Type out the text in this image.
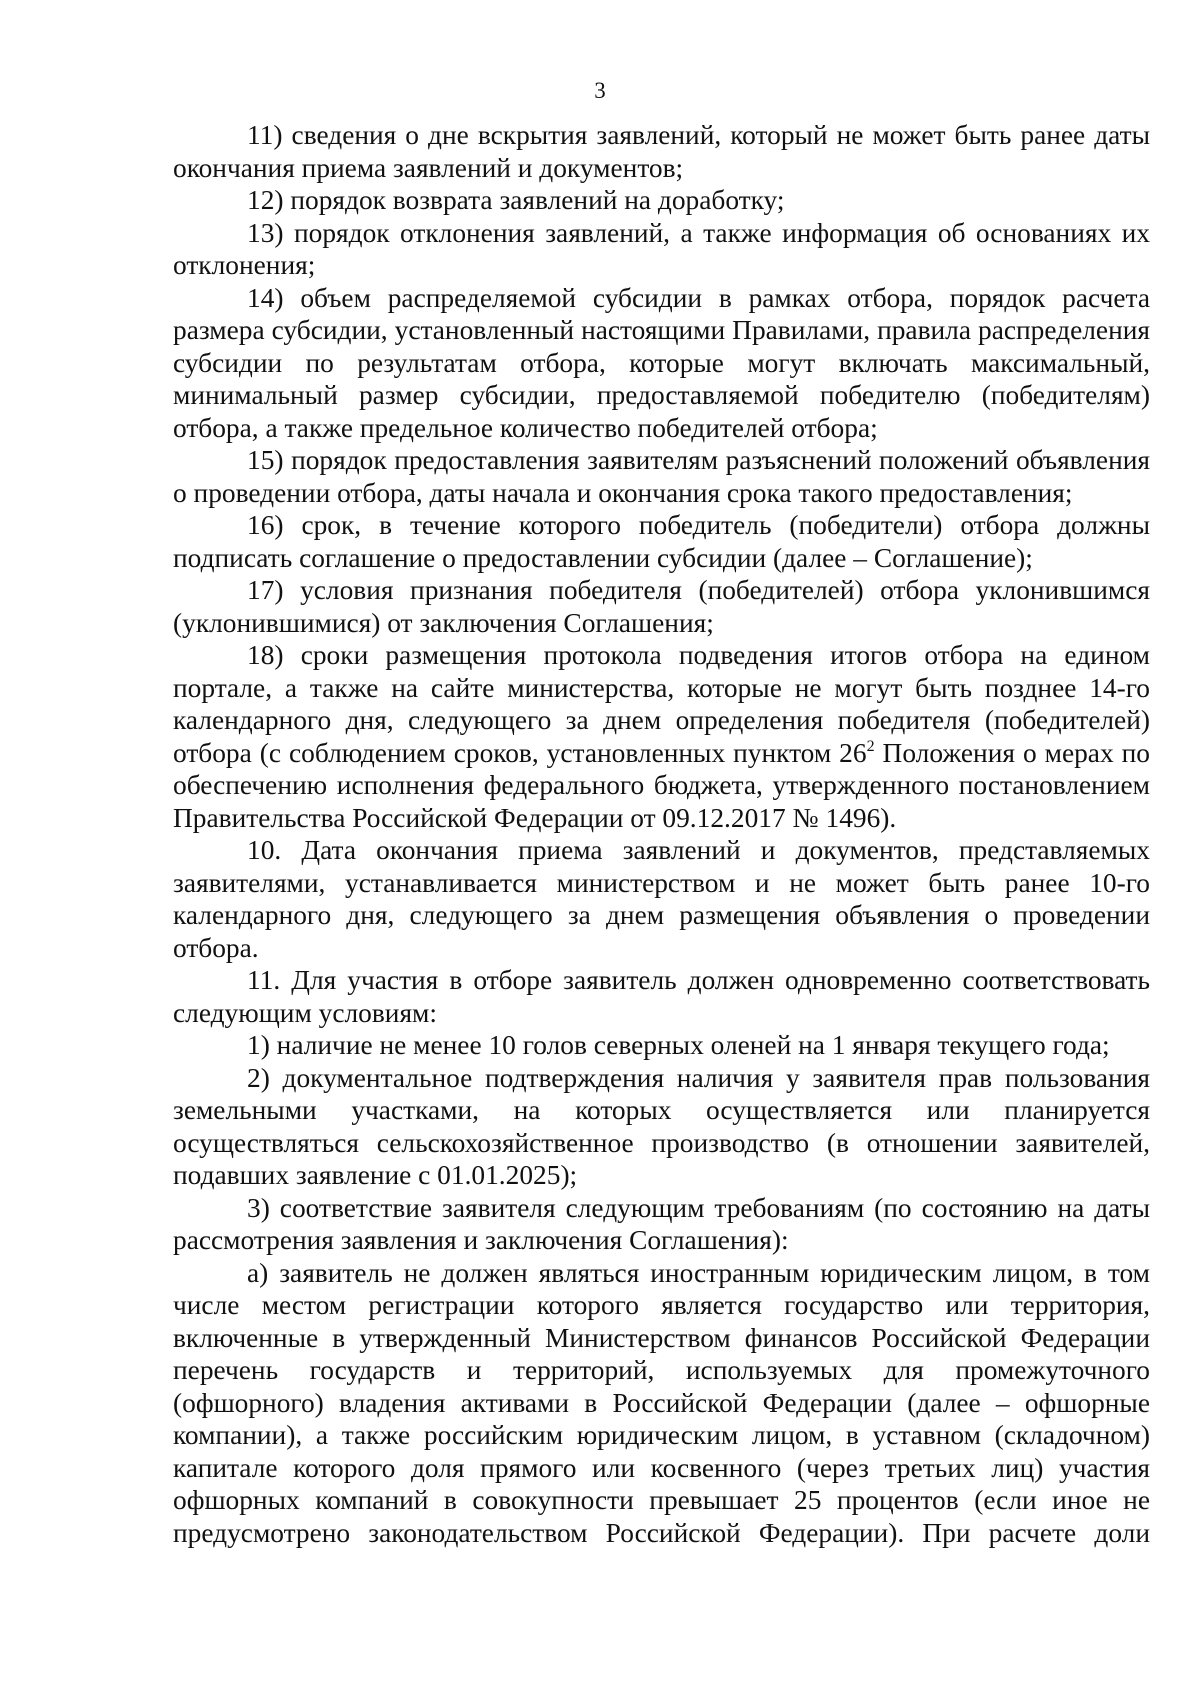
3

11) сведения о дне вскрытия заявлений, который не может быть ранее даты окончания приема заявлений и документов;

12) порядок возврата заявлений на доработку;

13) порядок отклонения заявлений, а также информация об основаниях их отклонения;

14) объем распределяемой субсидии в рамках отбора, порядок расчета размера субсидии, установленный настоящими Правилами, правила распределения субсидии по результатам отбора, которые могут включать максимальный, минимальный размер субсидии, предоставляемой победителю (победителям) отбора, а также предельное количество победителей отбора;

15) порядок предоставления заявителям разъяснений положений объявления о проведении отбора, даты начала и окончания срока такого предоставления;

16) срок, в течение которого победитель (победители) отбора должны подписать соглашение о предоставлении субсидии (далее – Соглашение);

17) условия признания победителя (победителей) отбора уклонившимся (уклонившимися) от заключения Соглашения;

18) сроки размещения протокола подведения итогов отбора на едином портале, а также на сайте министерства, которые не могут быть позднее 14-го календарного дня, следующего за днем определения победителя (победителей) отбора (с соблюдением сроков, установленных пунктом $26^2$ Положения о мерах по обеспечению исполнения федерального бюджета, утвержденного постановлением Правительства Российской Федерации от 09.12.2017 № 1496).

10. Дата окончания приема заявлений и документов, представляемых заявителями, устанавливается министерством и не может быть ранее 10-го календарного дня, следующего за днем размещения объявления о проведении отбора.

11. Для участия в отборе заявитель должен одновременно соответствовать следующим условиям:

1) наличие не менее 10 голов северных оленей на 1 января текущего года;

2) документальное подтверждения наличия у заявителя прав пользования земельными участками, на которых осуществляется или планируется осуществляться сельскохозяйственное производство (в отношении заявителей, подавших заявление с 01.01.2025);

3) соответствие заявителя следующим требованиям (по состоянию на даты рассмотрения заявления и заключения Соглашения):

а) заявитель не должен являться иностранным юридическим лицом, в том числе местом регистрации которого является государство или территория, включенные в утвержденный Министерством финансов Российской Федерации перечень государств и территорий, используемых для промежуточного (офшорного) владения активами в Российской Федерации (далее – офшорные компании), а также российским юридическим лицом, в уставном (складочном) капитале которого доля прямого или косвенного (через третьих лиц) участия офшорных компаний в совокупности превышает 25 процентов (если иное не предусмотрено законодательством Российской Федерации). При расчете доли
